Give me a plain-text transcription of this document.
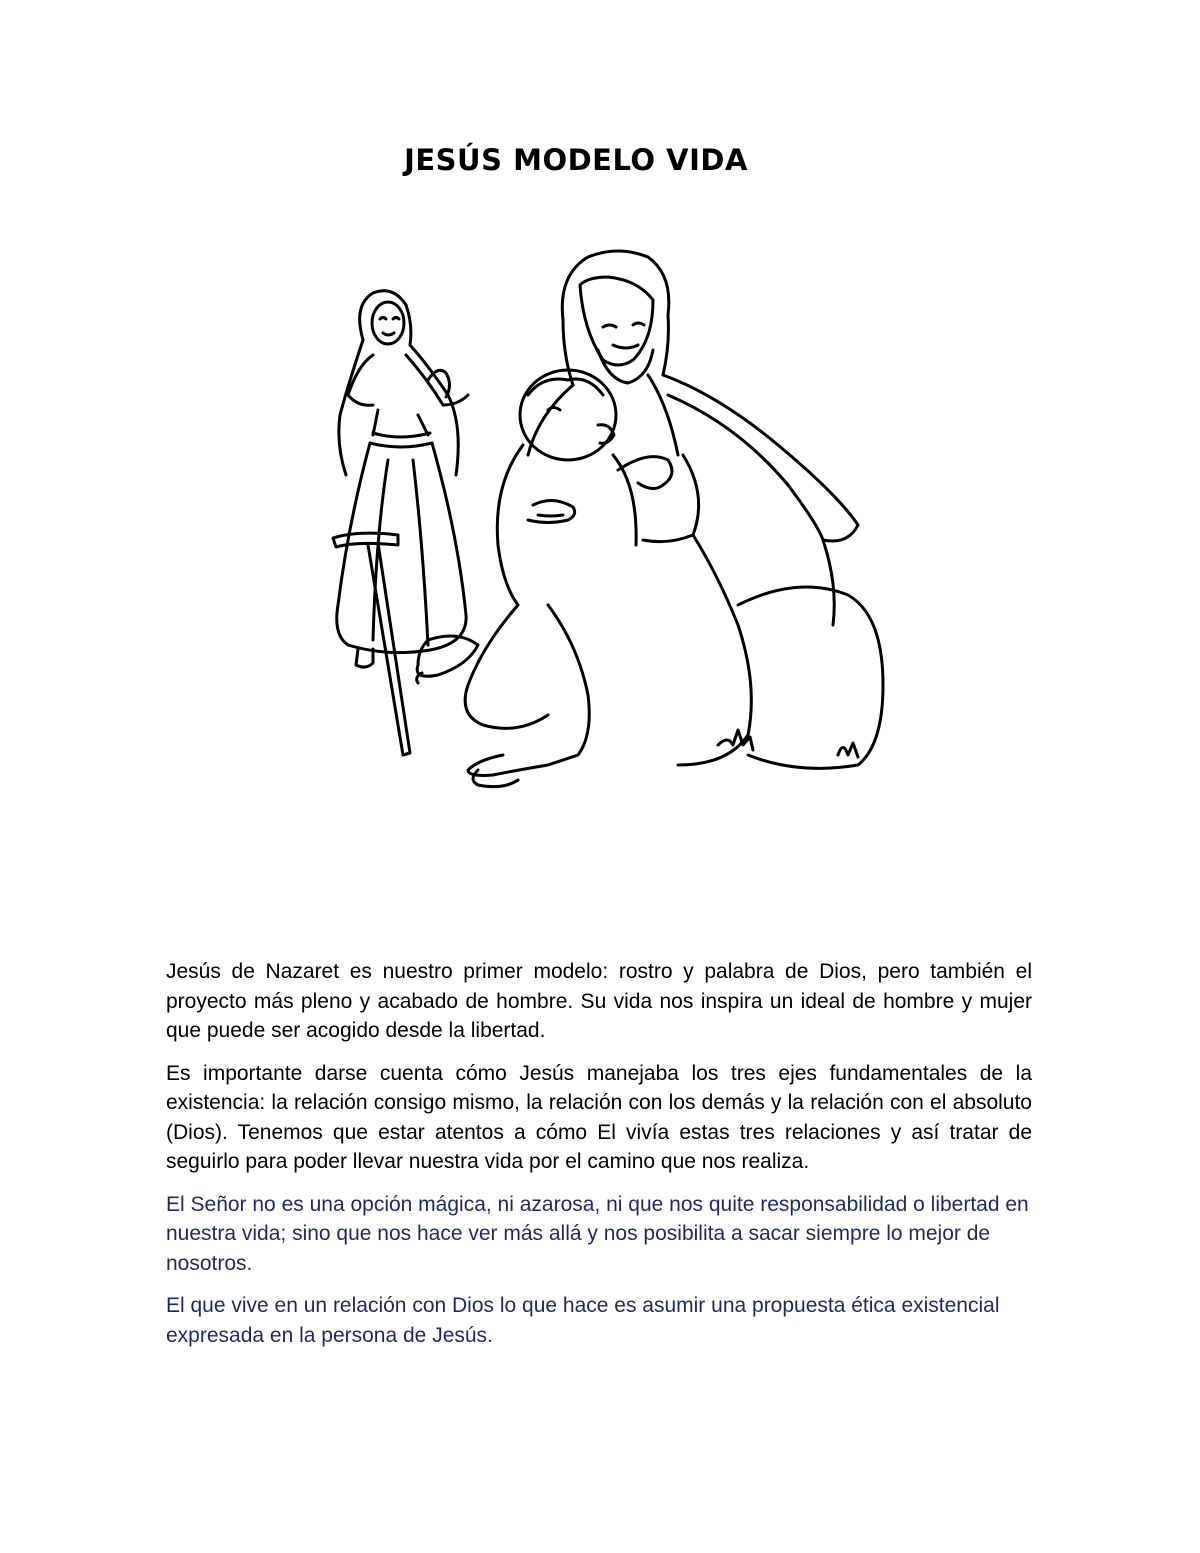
JESÚS MODELO VIDA

Jesús de Nazaret es nuestro primer modelo: rostro y palabra de Dios, pero también el proyecto más pleno y acabado de hombre. Su vida nos inspira un ideal de hombre y mujer que puede ser acogido desde la libertad.

Es importante darse cuenta cómo Jesús manejaba los tres ejes fundamentales de la existencia: la relación consigo mismo, la relación con los demás y la relación con el absoluto (Dios). Tenemos que estar atentos a cómo El vivía estas tres relaciones y así tratar de seguirlo para poder llevar nuestra vida por el camino que nos realiza.

El Señor no es una opción mágica, ni azarosa, ni que nos quite responsabilidad o libertad en nuestra vida; sino que nos hace ver más allá y nos posibilita a sacar siempre lo mejor de nosotros.

El que vive en un relación con Dios lo que hace es asumir una propuesta ética existencial expresada en la persona de Jesús.
